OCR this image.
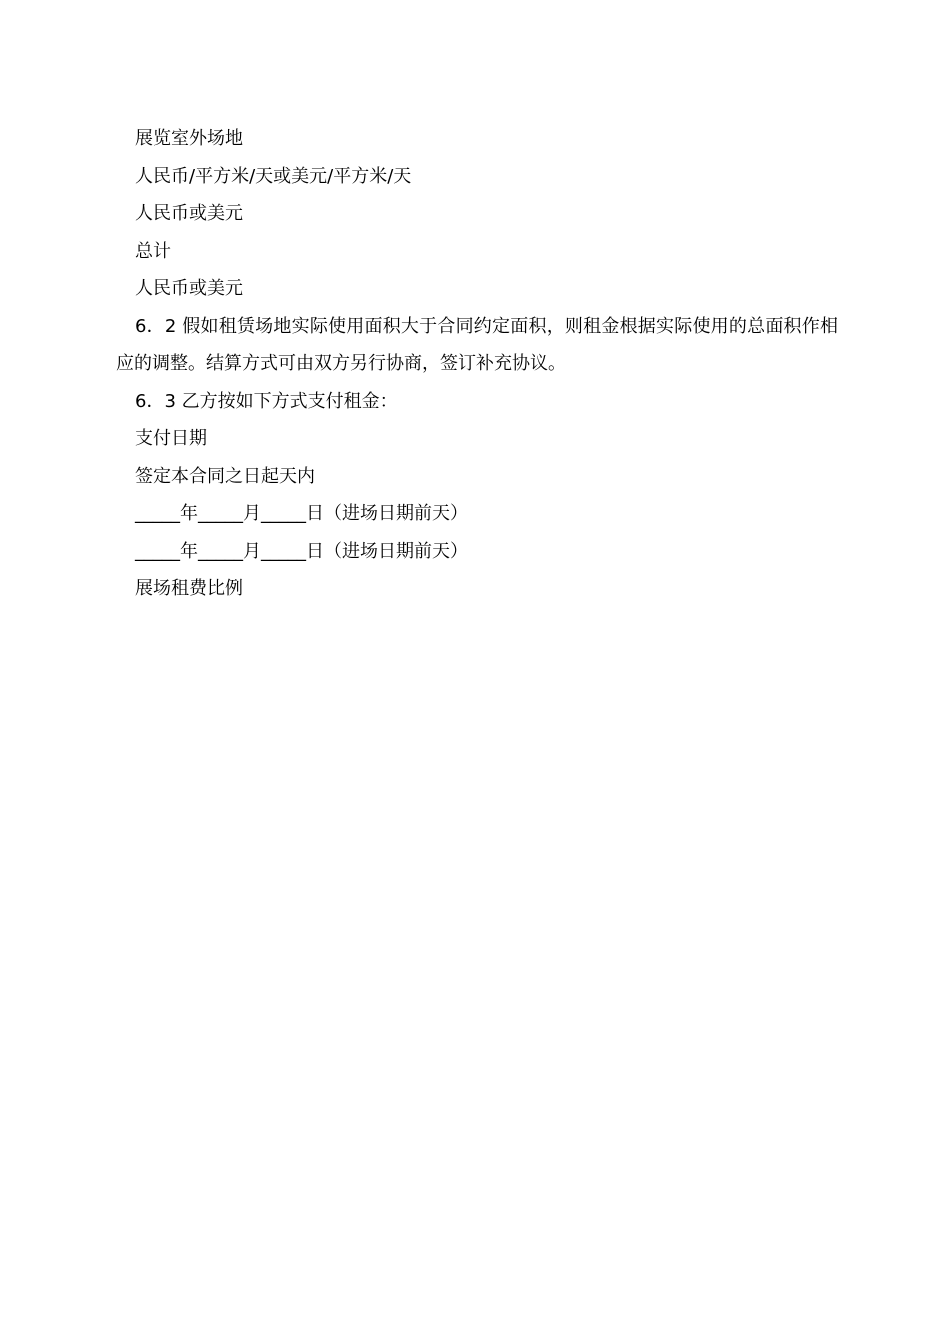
展览室外场地

人民币/平方米/天或美元/平方米/天

人民币或美元

总计

人民币或美元

6．2 假如租赁场地实际使用面积大于合同约定面积，则租金根据实际使用的总面积作相应的调整。结算方式可由双方另行协商，签订补充协议。

6．3 乙方按如下方式支付租金：

支付日期

签定本合同之日起天内

_____年_____月_____日（进场日期前天）

_____年_____月_____日（进场日期前天）

展场租费比例
